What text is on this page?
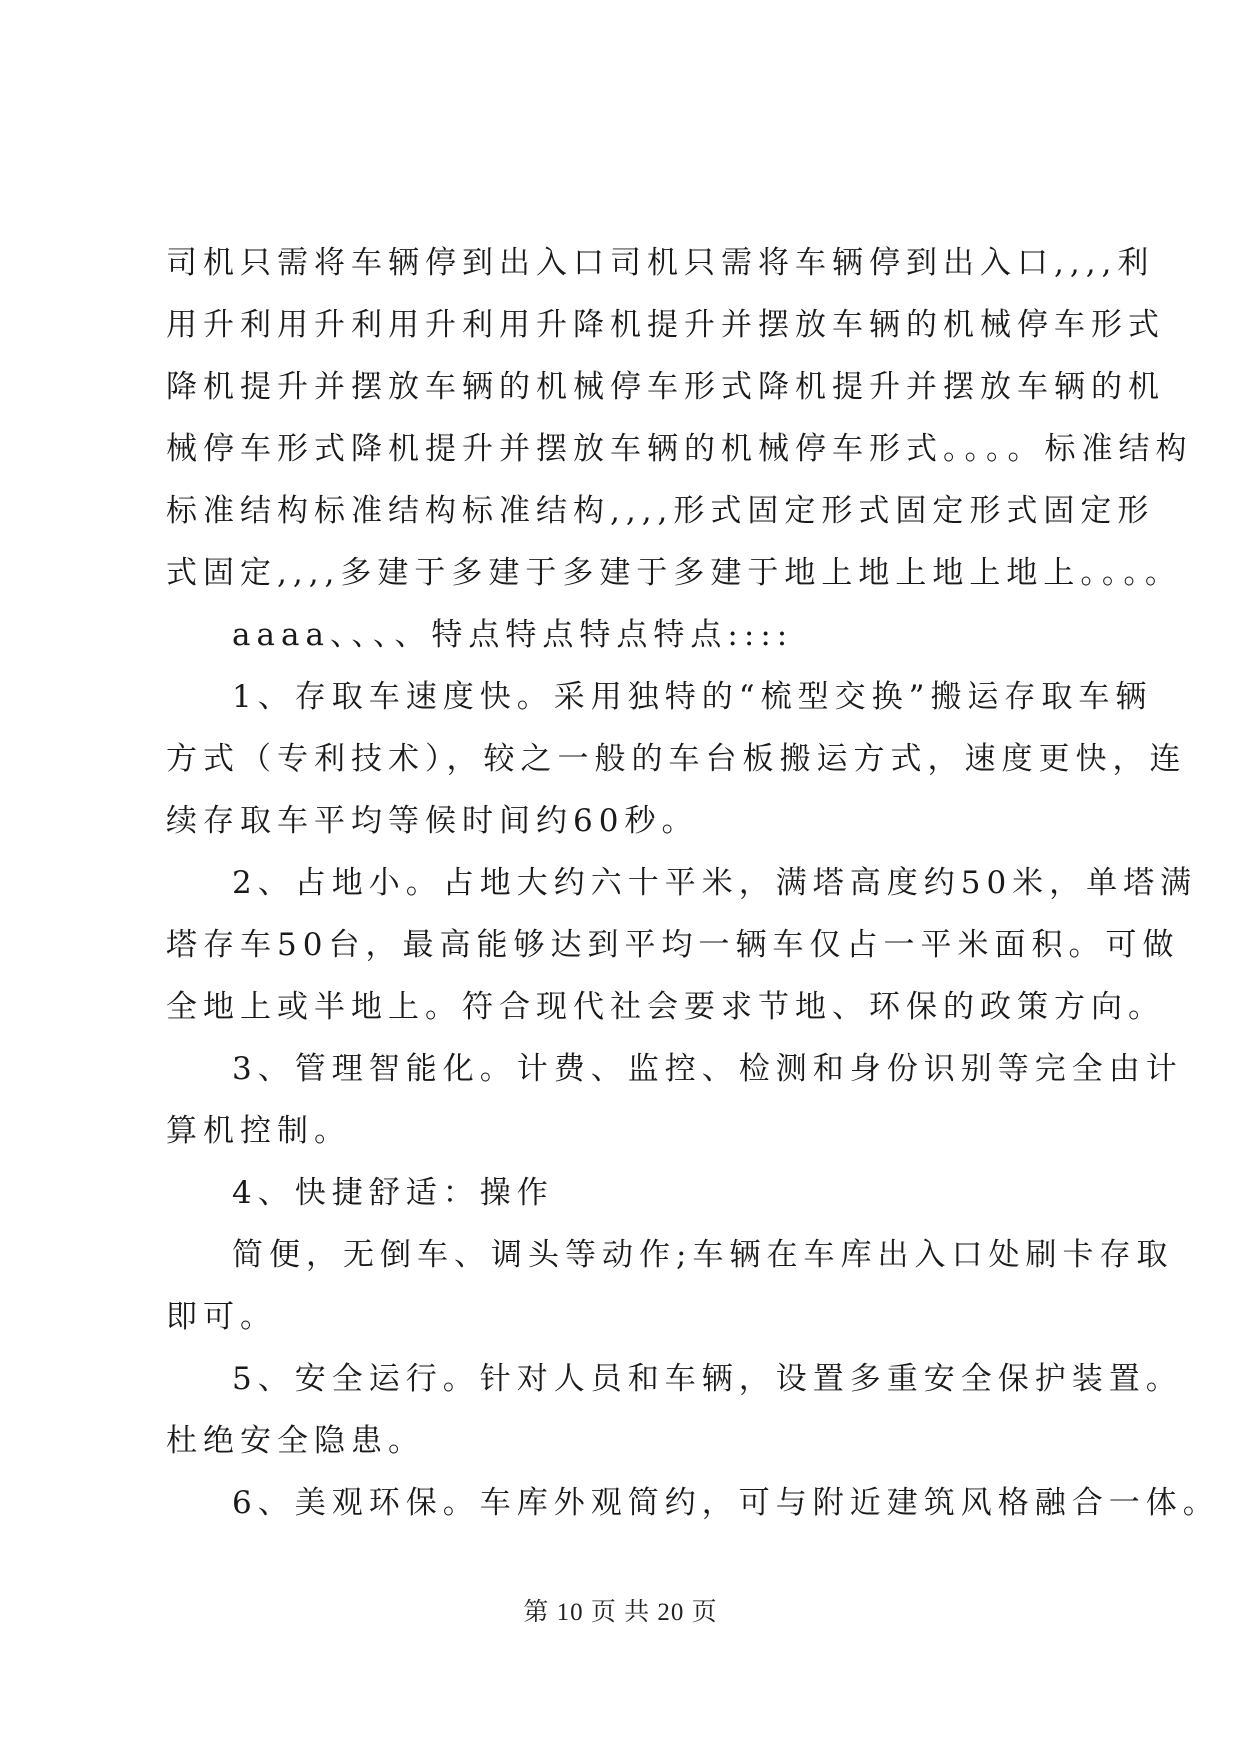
司机只需将车辆停到出入口司机只需将车辆停到出入口,,,,利
用升利用升利用升利用升降机提升并摆放车辆的机械停车形式
降机提升并摆放车辆的机械停车形式降机提升并摆放车辆的机
械停车形式降机提升并摆放车辆的机械停车形式。。。。标准结构
标准结构标准结构标准结构,,,,形式固定形式固定形式固定形
式固定,,,,多建于多建于多建于多建于地上地上地上地上。。。。
aaaa、、、、特点特点特点特点::::
1、存取车速度快。采用独特的“梳型交换”搬运存取车辆
方式（专利技术），较之一般的车台板搬运方式，速度更快，连
续存取车平均等候时间约60秒。
2、占地小。占地大约六十平米，满塔高度约50米，单塔满
塔存车50台，最高能够达到平均一辆车仅占一平米面积。可做
全地上或半地上。符合现代社会要求节地、环保的政策方向。
3、管理智能化。计费、监控、检测和身份识别等完全由计
算机控制。
4、快捷舒适：操作
简便，无倒车、调头等动作;车辆在车库出入口处刷卡存取
即可。
5、安全运行。针对人员和车辆，设置多重安全保护装置。
杜绝安全隐患。
6、美观环保。车库外观简约，可与附近建筑风格融合一体。
第 10 页 共 20 页
